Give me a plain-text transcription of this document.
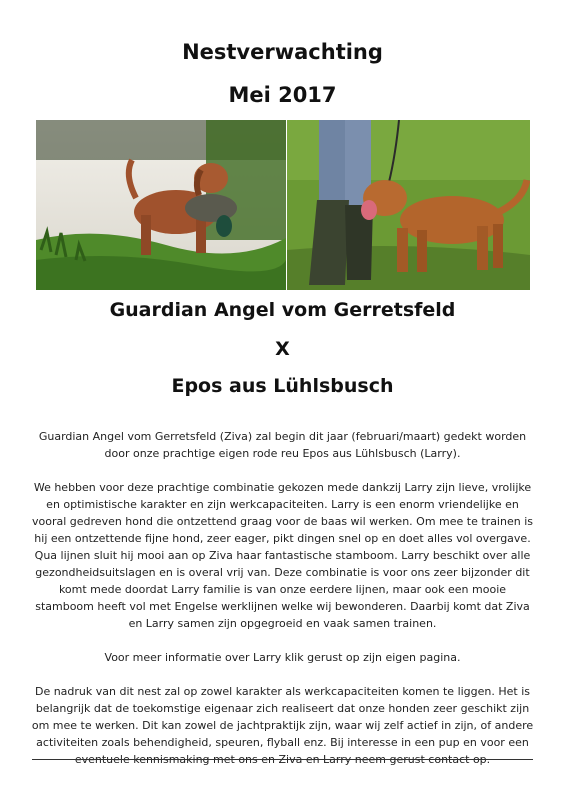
Nestverwachting
Mei 2017
Guardian Angel vom Gerretsfeld
X
Epos aus Lühlsbusch

Guardian Angel vom Gerretsfeld (Ziva) zal begin dit jaar (februari/maart) gedekt worden door onze prachtige eigen rode reu Epos aus Lühlsbusch (Larry).

We hebben voor deze prachtige combinatie gekozen mede dankzij Larry zijn lieve, vrolijke en optimistische karakter en zijn werkcapaciteiten. Larry is een enorm vriendelijke en vooral gedreven hond die ontzettend graag voor de baas wil werken. Om mee te trainen is hij een ontzettende fijne hond, zeer eager, pikt dingen snel op en doet alles vol overgave. Qua lijnen sluit hij mooi aan op Ziva haar fantastische stamboom. Larry beschikt over alle gezondheidsuitslagen en is overal vrij van. Deze combinatie is voor ons zeer bijzonder dit komt mede doordat Larry familie is van onze eerdere lijnen, maar ook een mooie stamboom heeft vol met Engelse werklijnen welke wij bewonderen. Daarbij komt dat Ziva en Larry samen zijn opgegroeid en vaak samen trainen.

Voor meer informatie over Larry klik gerust op zijn eigen pagina.

De nadruk van dit nest zal op zowel karakter als werkcapaciteiten komen te liggen. Het is belangrijk dat de toekomstige eigenaar zich realiseert dat onze honden zeer geschikt zijn om mee te werken. Dit kan zowel de jachtpraktijk zijn, waar wij zelf actief in zijn, of andere activiteiten zoals behendigheid, speuren, flyball enz. Bij interesse in een pup en voor een eventuele kennismaking met ons en Ziva en Larry neem gerust contact op.
